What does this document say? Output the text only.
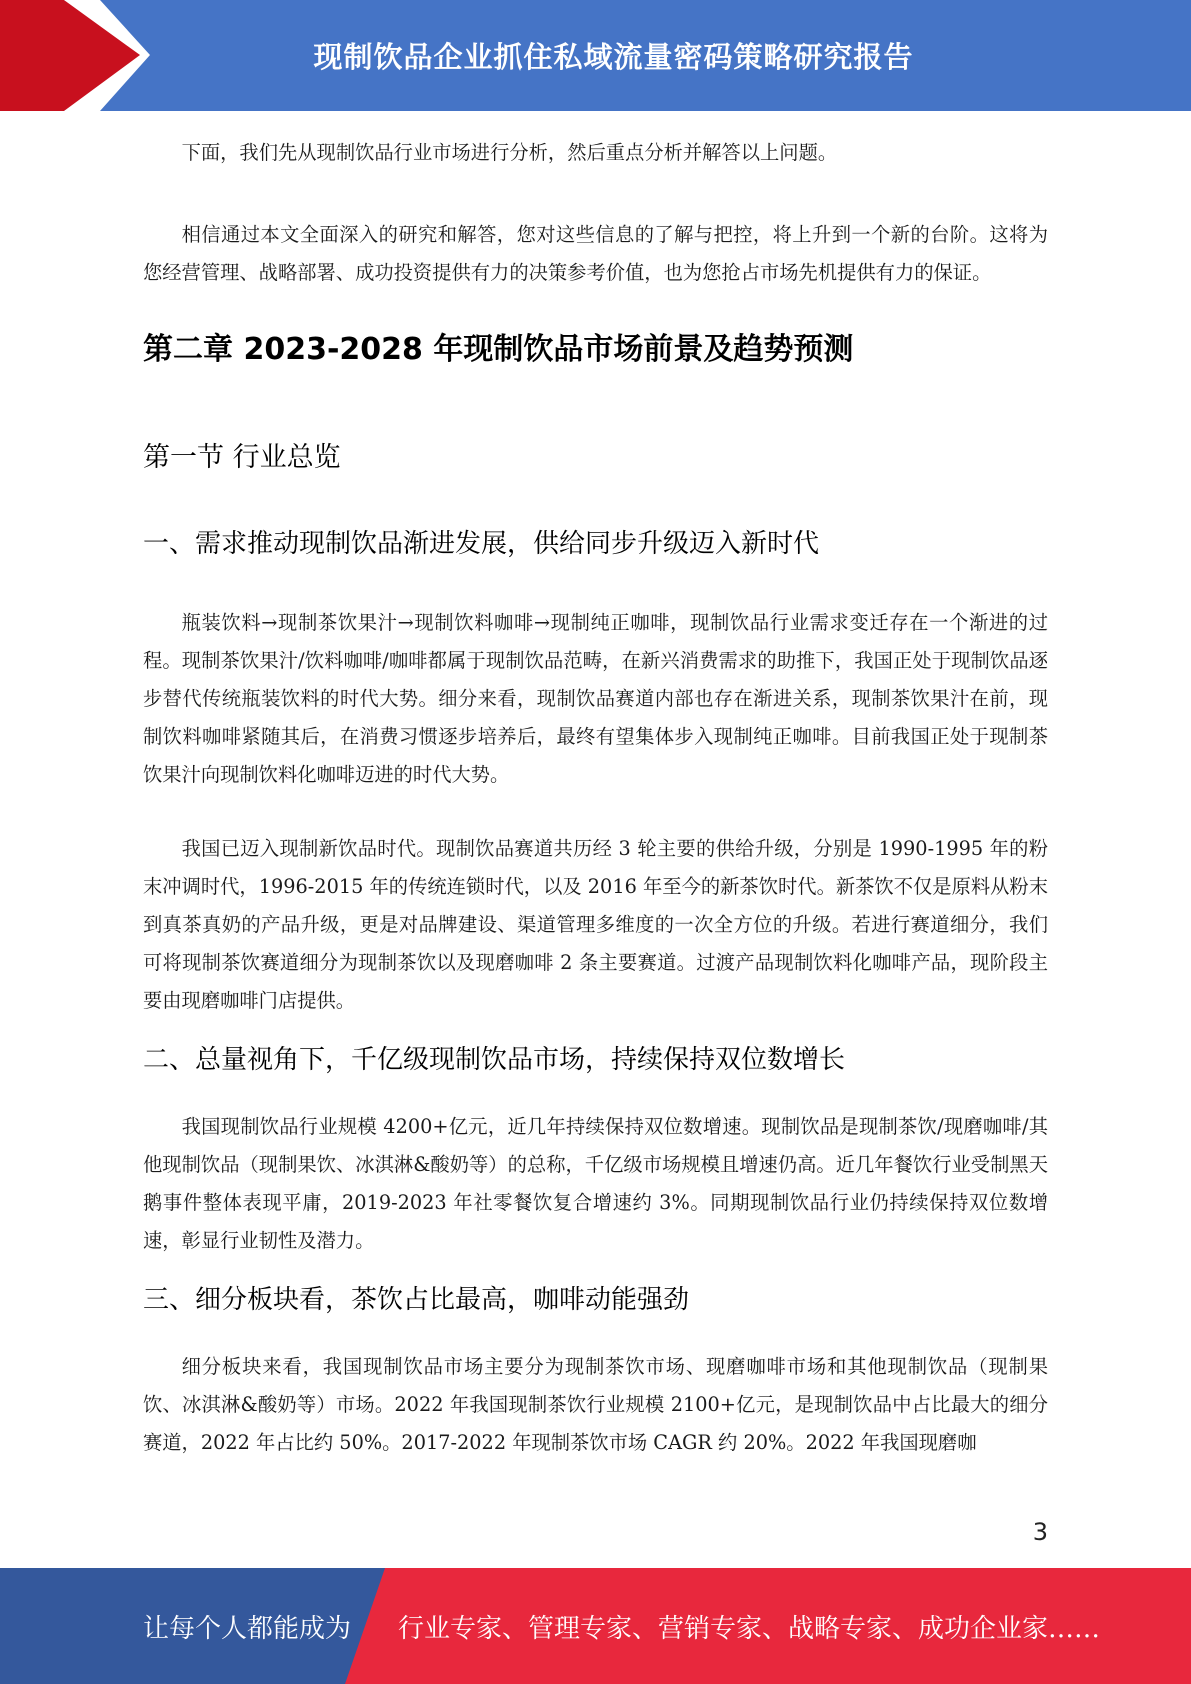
现制饮品企业抓住私域流量密码策略研究报告

下面，我们先从现制饮品行业市场进行分析，然后重点分析并解答以上问题。

相信通过本文全面深入的研究和解答，您对这些信息的了解与把控，将上升到一个新的台阶。这将为您经营管理、战略部署、成功投资提供有力的决策参考价值，也为您抢占市场先机提供有力的保证。

第二章 2023-2028 年现制饮品市场前景及趋势预测
第一节 行业总览
一、需求推动现制饮品渐进发展，供给同步升级迈入新时代

瓶装饮料→现制茶饮果汁→现制饮料咖啡→现制纯正咖啡，现制饮品行业需求变迁存在一个渐进的过程。现制茶饮果汁/饮料咖啡/咖啡都属于现制饮品范畴，在新兴消费需求的助推下，我国正处于现制饮品逐步替代传统瓶装饮料的时代大势。细分来看，现制饮品赛道内部也存在渐进关系，现制茶饮果汁在前，现制饮料咖啡紧随其后，在消费习惯逐步培养后，最终有望集体步入现制纯正咖啡。目前我国正处于现制茶饮果汁向现制饮料化咖啡迈进的时代大势。

我国已迈入现制新饮品时代。现制饮品赛道共历经 3 轮主要的供给升级，分别是 1990-1995 年的粉末冲调时代，1996-2015 年的传统连锁时代，以及 2016 年至今的新茶饮时代。新茶饮不仅是原料从粉末到真茶真奶的产品升级，更是对品牌建设、渠道管理多维度的一次全方位的升级。若进行赛道细分，我们可将现制茶饮赛道细分为现制茶饮以及现磨咖啡 2 条主要赛道。过渡产品现制饮料化咖啡产品，现阶段主要由现磨咖啡门店提供。

二、总量视角下，千亿级现制饮品市场，持续保持双位数增长

我国现制饮品行业规模 4200+亿元，近几年持续保持双位数增速。现制饮品是现制茶饮/现磨咖啡/其他现制饮品（现制果饮、冰淇淋&酸奶等）的总称，千亿级市场规模且增速仍高。近几年餐饮行业受制黑天鹅事件整体表现平庸，2019-2023 年社零餐饮复合增速约 3%。同期现制饮品行业仍持续保持双位数增速，彰显行业韧性及潜力。

三、细分板块看，茶饮占比最高，咖啡动能强劲

细分板块来看，我国现制饮品市场主要分为现制茶饮市场、现磨咖啡市场和其他现制饮品（现制果饮、冰淇淋&酸奶等）市场。2022 年我国现制茶饮行业规模 2100+亿元，是现制饮品中占比最大的细分赛道，2022 年占比约 50%。2017-2022 年现制茶饮市场 CAGR 约 20%。2022 年我国现磨咖

3
让每个人都能成为 行业专家、管理专家、营销专家、战略专家、成功企业家……
